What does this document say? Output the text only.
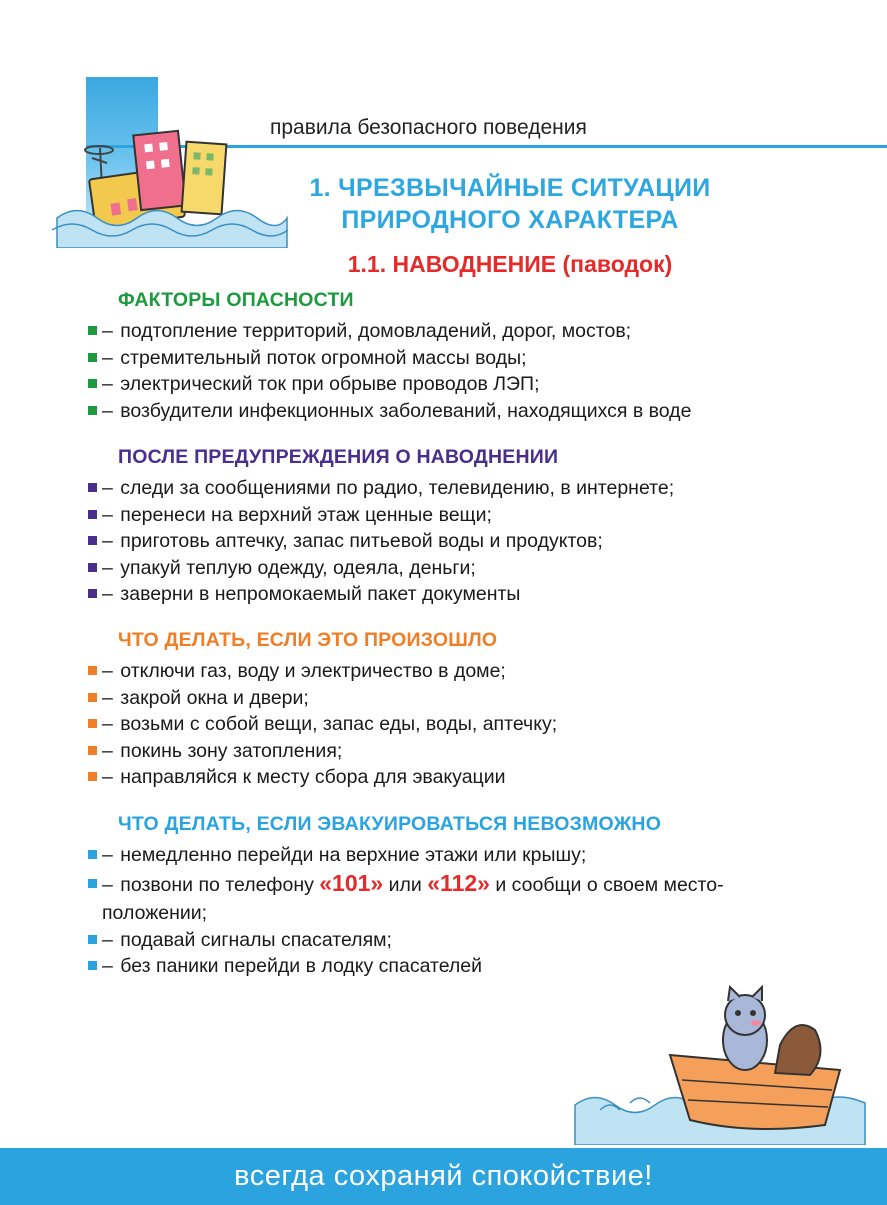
правила безопасного поведения
1. ЧРЕЗВЫЧАЙНЫЕ СИТУАЦИИ
ПРИРОДНОГО ХАРАКТЕРА
1.1. НАВОДНЕНИЕ (паводок)
ФАКТОРЫ ОПАСНОСТИ
– подтопление территорий, домовладений, дорог, мостов;
– стремительный поток огромной массы воды;
– электрический ток при обрыве проводов ЛЭП;
– возбудители инфекционных заболеваний, находящихся в воде
ПОСЛЕ ПРЕДУПРЕЖДЕНИЯ О НАВОДНЕНИИ
– следи за сообщениями по радио, телевидению, в интернете;
– перенеси на верхний этаж ценные вещи;
– приготовь аптечку, запас питьевой воды и продуктов;
– упакуй теплую одежду, одеяла, деньги;
– заверни в непромокаемый пакет документы
ЧТО ДЕЛАТЬ, ЕСЛИ ЭТО ПРОИЗОШЛО
– отключи газ, воду и электричество в доме;
– закрой окна и двери;
– возьми с собой вещи, запас еды, воды, аптечку;
– покинь зону затопления;
– направляйся к месту сбора для эвакуации
ЧТО ДЕЛАТЬ, ЕСЛИ ЭВАКУИРОВАТЬСЯ НЕВОЗМОЖНО
– немедленно перейди на верхние этажи или крышу;
– позвони по телефону «101» или «112» и сообщи о своем место-
положении;
– подавай сигналы спасателям;
– без паники перейди в лодку спасателей
всегда сохраняй спокойствие!
